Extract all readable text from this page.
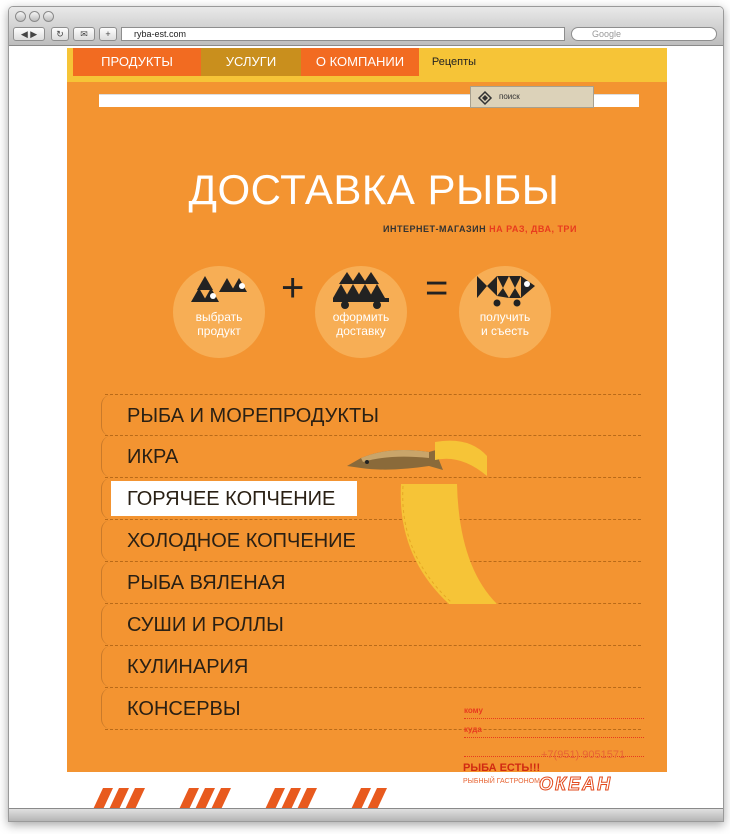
◀ ▶	↻	✉	+	ryba-est.com	Google
ПРОДУКТЫ	УСЛУГИ	О КОМПАНИИ	Рецепты
поиск
ДОСТАВКА РЫБЫ
ИНТЕРНЕТ-МАГАЗИН НА РАЗ, ДВА, ТРИ
выбрать
продукт
+
оформить
доставку
=
получить
и съесть
РЫБА И МОРЕПРОДУКТЫ
ИКРА
ГОРЯЧЕЕ КОПЧЕНИЕ
ХОЛОДНОЕ КОПЧЕНИЕ
РЫБА ВЯЛЕНАЯ
СУШИ И РОЛЛЫ
КУЛИНАРИЯ
КОНСЕРВЫ	кому
куда
+7(951) 9051571
РЫБА ЕСТЬ!!!
РЫБНЫЙ ГАСТРОНОМ ОКЕАН
